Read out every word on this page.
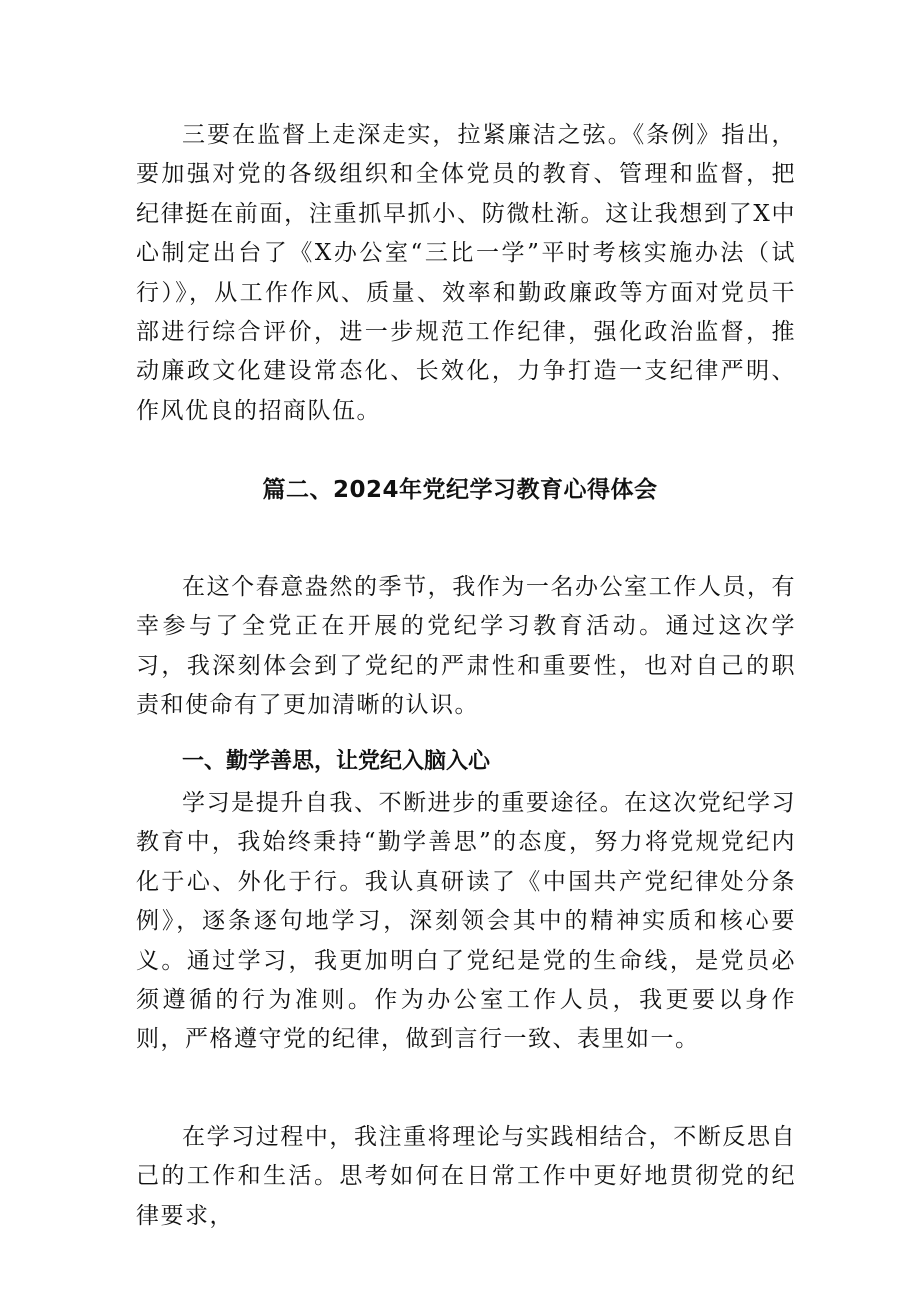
三要在监督上走深走实，拉紧廉洁之弦。《条例》指出，要加强对党的各级组织和全体党员的教育、管理和监督，把纪律挺在前面，注重抓早抓小、防微杜渐。这让我想到了X中心制定出台了《X办公室“三比一学”平时考核实施办法（试行）》，从工作作风、质量、效率和勤政廉政等方面对党员干部进行综合评价，进一步规范工作纪律，强化政治监督，推动廉政文化建设常态化、长效化，力争打造一支纪律严明、作风优良的招商队伍。

篇二、2024年党纪学习教育心得体会

在这个春意盎然的季节，我作为一名办公室工作人员，有幸参与了全党正在开展的党纪学习教育活动。通过这次学习，我深刻体会到了党纪的严肃性和重要性，也对自己的职责和使命有了更加清晰的认识。

一、勤学善思，让党纪入脑入心

学习是提升自我、不断进步的重要途径。在这次党纪学习教育中，我始终秉持“勤学善思”的态度，努力将党规党纪内化于心、外化于行。我认真研读了《中国共产党纪律处分条例》，逐条逐句地学习，深刻领会其中的精神实质和核心要义。通过学习，我更加明白了党纪是党的生命线，是党员必须遵循的行为准则。作为办公室工作人员，我更要以身作则，严格遵守党的纪律，做到言行一致、表里如一。

在学习过程中，我注重将理论与实践相结合，不断反思自己的工作和生活。思考如何在日常工作中更好地贯彻党的纪律要求，
